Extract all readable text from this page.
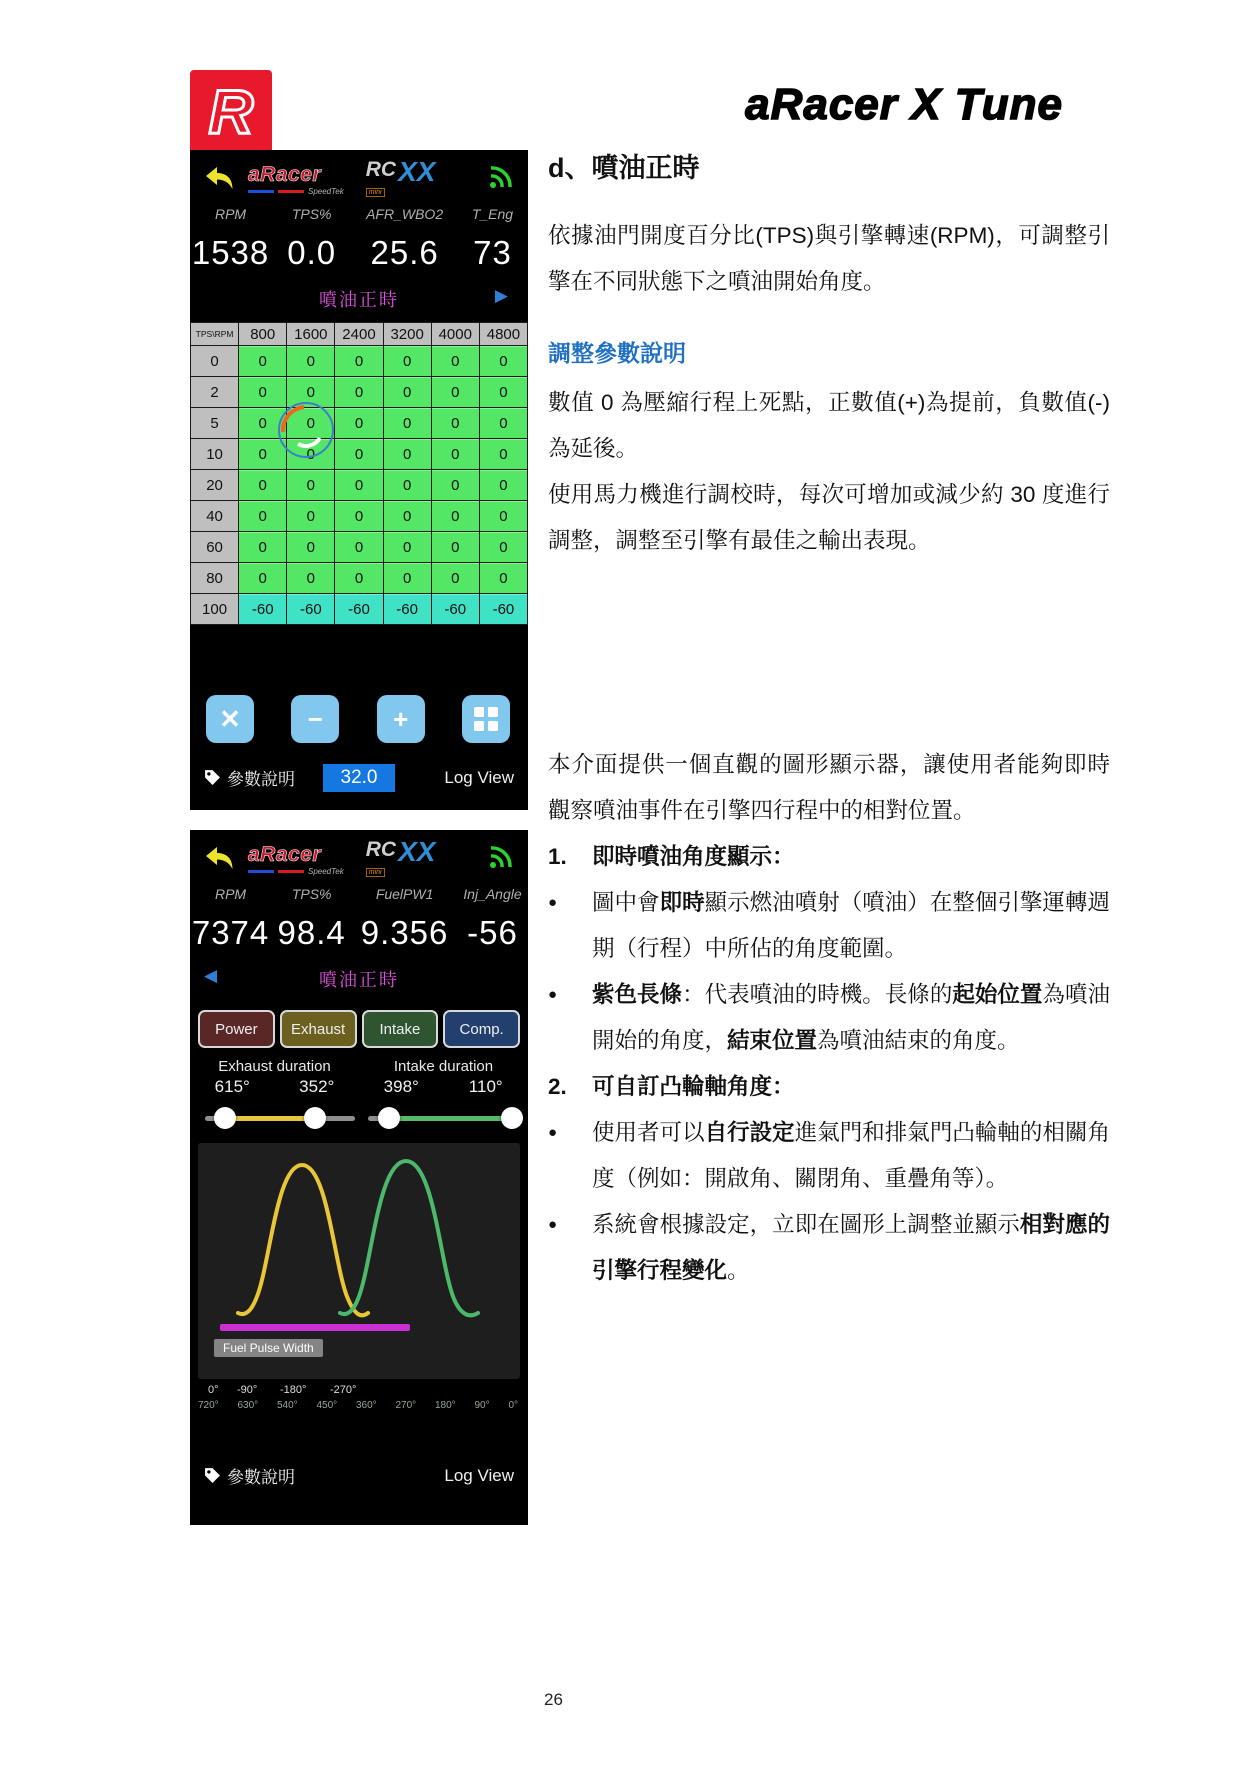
R	aRacer X Tune
26
aRacer
SpeedTek
RC
mini
XX
RPM	TPS%	AFR_WBO2	T_Eng
1538 0.0	25.6	73
噴油正時	▶
TPS\RPM	800	1600	2400	3200	4000	4800
0	0	0	0	0	0	0
2	0	0	0	0	0	0
5	0	0	0	0	0	0
10	0	0	0	0	0	0
20	0	0	0	0	0	0
40	0	0	0	0	0	0
60	0	0	0	0	0	0
80	0	0	0	0	0	0
100	-60	-60	-60	-60	-60	-60
✕	−	+
參數說明	32.0	Log View
aRacer
SpeedTek
RC
mini
XX
RPM	TPS%	FuelPW1	Inj_Angle
7374 98.4 9.356 -56
◀	噴油正時
Power	Exhaust	Intake	Comp.
Exhaust duration	Intake duration
615°	352°	398°	110°
Fuel Pulse Width
0° -90° -180° -270°
720° 630° 540° 450° 360° 270° 180° 90° 0°
參數說明	Log View
d、噴油正時

依據油門開度百分比(TPS)與引擎轉速(RPM)，可調整引擎在不同狀態下之噴油開始角度。

調整參數說明

數值 0 為壓縮行程上死點，正數值(+)為提前，負數值(-)為延後。

使用馬力機進行調校時，每次可增加或減少約 30 度進行調整，調整至引擎有最佳之輸出表現。

本介面提供一個直觀的圖形顯示器，讓使用者能夠即時觀察噴油事件在引擎四行程中的相對位置。

1.	即時噴油角度顯示：
●	圖中會即時顯示燃油噴射（噴油）在整個引擎運轉週期（行程）中所佔的角度範圍。
●	紫色長條：代表噴油的時機。長條的起始位置為噴油開始的角度，結束位置為噴油結束的角度。
2.	可自訂凸輪軸角度：
●	使用者可以自行設定進氣門和排氣門凸輪軸的相關角度（例如：開啟角、關閉角、重疊角等）。
●	系統會根據設定，立即在圖形上調整並顯示相對應的引擎行程變化。
